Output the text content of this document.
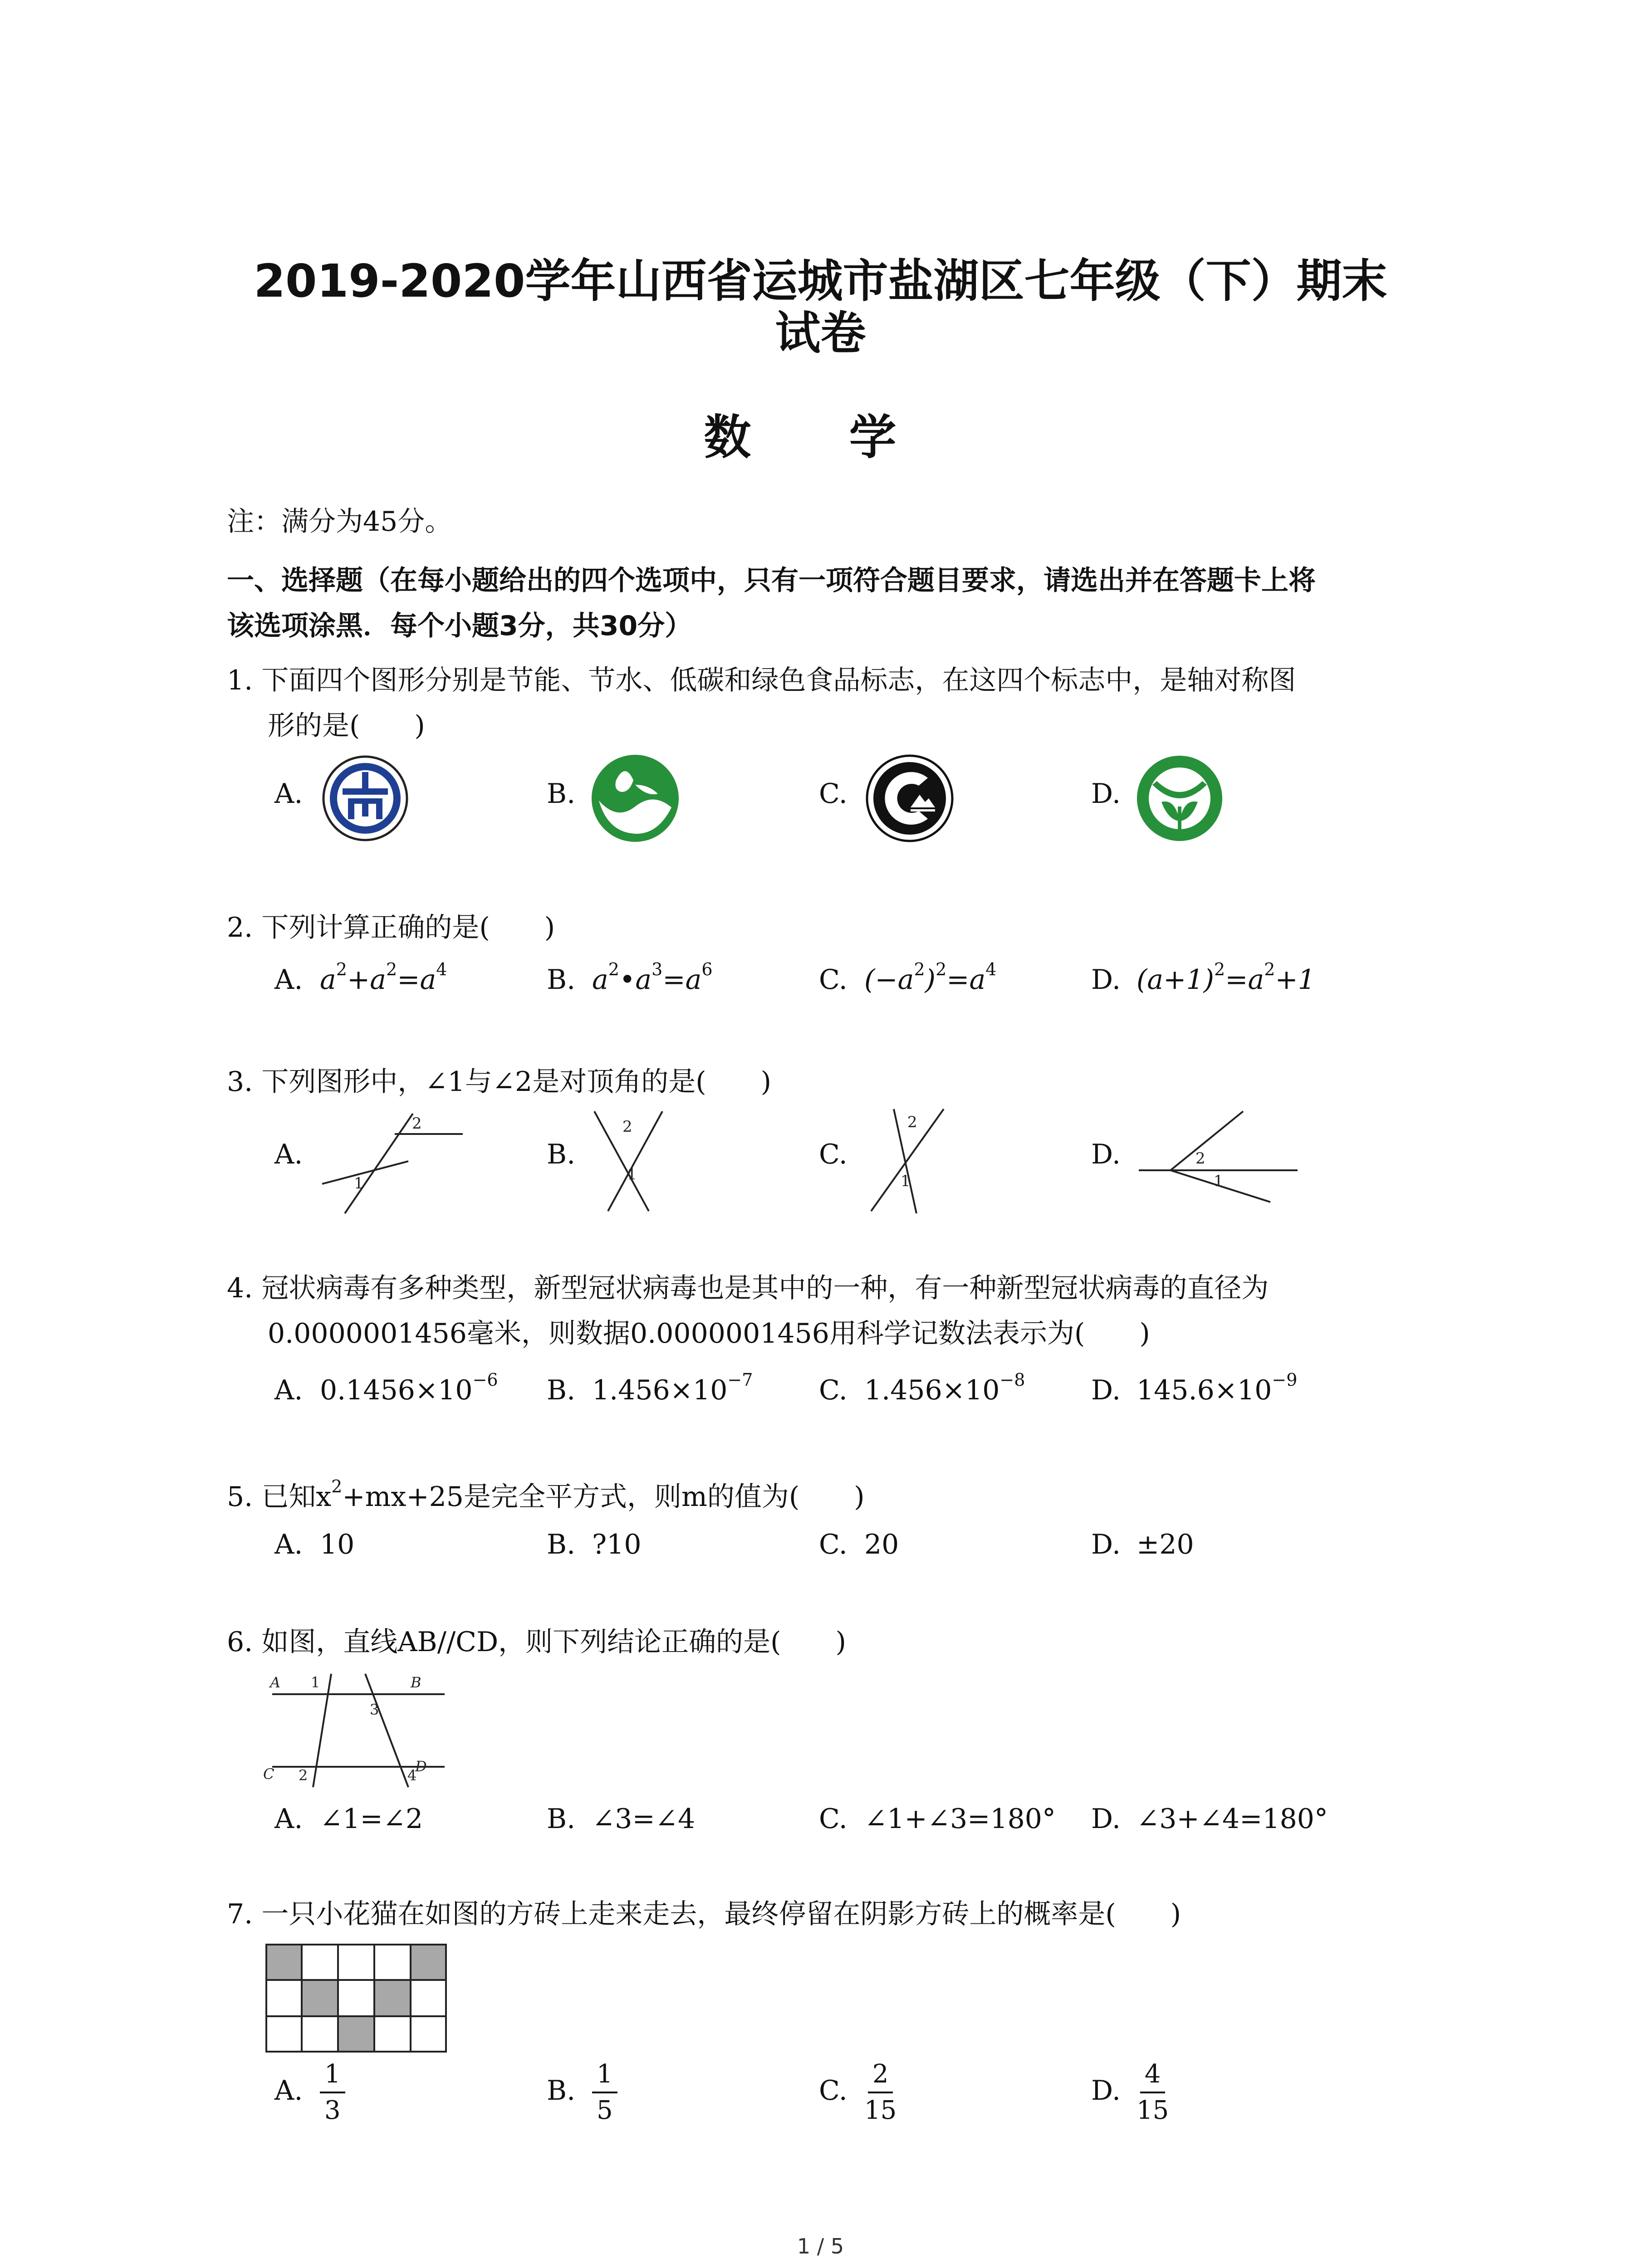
2019-2020学年山西省运城市盐湖区七年级（下）期末
试卷
数 学
注：满分为45分。
一、选择题（在每小题给出的四个选项中，只有一项符合题目要求，请选出并在答题卡上将
该选项涂黑．每个小题3分，共30分）
1. 下面四个图形分别是节能、节水、低碳和绿色食品标志，在这四个标志中，是轴对称图
形的是(　　)
A.	B.	C.	D.
2. 下列计算正确的是(　　)
A. $a^2+a^2=a^4$	B. $a^2•a^3=a^6$	C. $(-a^2)^2=a^4$	D. $(a+1)^2=a^2+1$
3. 下列图形中，∠1与∠2是对顶角的是(　　)
A.
1
2
B.
2
1
C.
2
1
D.	2
1
4. 冠状病毒有多种类型，新型冠状病毒也是其中的一种，有一种新型冠状病毒的直径为
0.0000001456毫米，则数据0.0000001456用科学记数法表示为(　　)
A. $0.1456\times 10^{-6}$ B. $1.456\times 10^{-7}$ C. $1.456\times 10^{-8}$ D. $145.6\times 10^{-9}$
5. 已知$x^2+mx+25$是完全平方式，则m的值为(　　)
A. 10	B. ?10	C. 20	D. ±20
6. 如图，直线AB//CD，则下列结论正确的是(　　)
A	B
C	D
1
3
2	4
A. ∠1=∠2	B. ∠3=∠4	C. ∠1+∠3=180° D. ∠3+∠4=180°
7. 一只小花猫在如图的方砖上走来走去，最终停留在阴影方砖上的概率是(　　)
A. $\frac{1}{3}$	B. $\frac{1}{5}$	C. $\frac{2}{15}$	D. $\frac{4}{15}$
1 / 5
